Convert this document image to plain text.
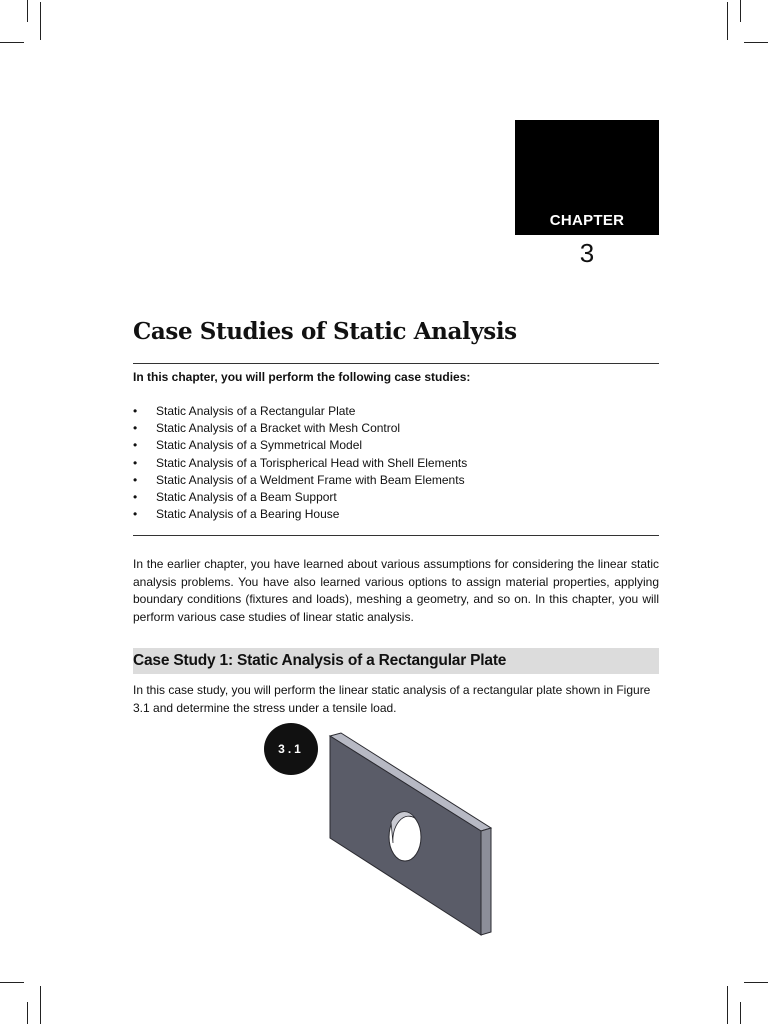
CHAPTER
3
Case Studies of Static Analysis
In this chapter, you will perform the following case studies:
• Static Analysis of a Rectangular Plate
• Static Analysis of a Bracket with Mesh Control
• Static Analysis of a Symmetrical Model
• Static Analysis of a Torispherical Head with Shell Elements
• Static Analysis of a Weldment Frame with Beam Elements
• Static Analysis of a Beam Support
• Static Analysis of a Bearing House

In the earlier chapter, you have learned about various assumptions for considering the linear static analysis problems. You have also learned various options to assign material properties, applying boundary conditions (fixtures and loads), meshing a geometry, and so on. In this chapter, you will perform various case studies of linear static analysis.

Case Study 1: Static Analysis of a Rectangular Plate

In this case study, you will perform the linear static analysis of a rectangular plate shown in Figure 3.1 and determine the stress under a tensile load.

3.1
